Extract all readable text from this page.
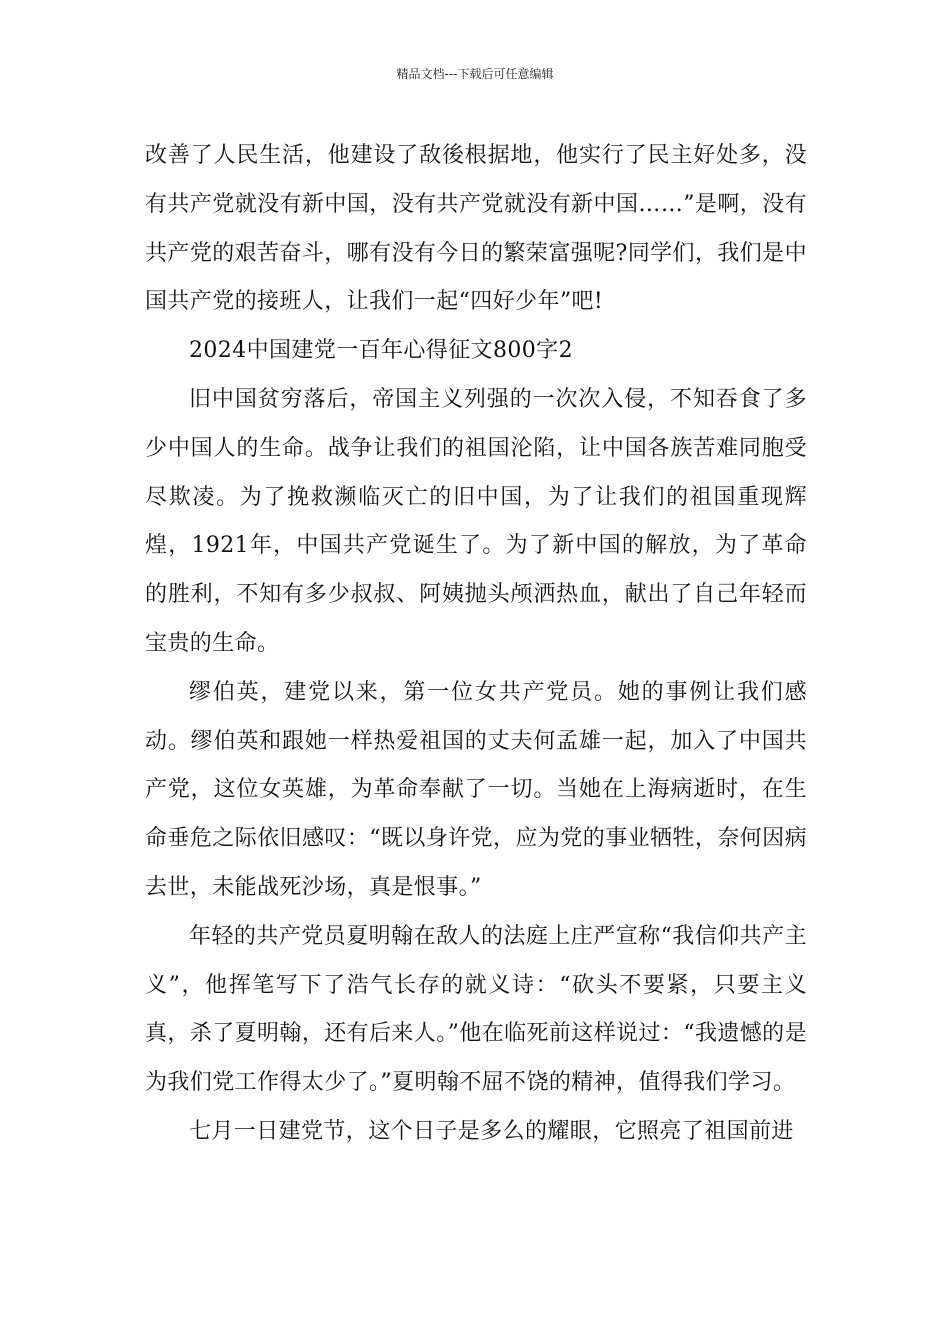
精品文档---下载后可任意编辑

改善了人民生活，他建设了敌後根据地，他实行了民主好处多，没有共产党就没有新中国，没有共产党就没有新中国……”是啊，没有共产党的艰苦奋斗，哪有没有今日的繁荣富强呢?同学们，我们是中国共产党的接班人，让我们一起“四好少年”吧!

2024中国建党一百年心得征文800字2

旧中国贫穷落后，帝国主义列强的一次次入侵，不知吞食了多少中国人的生命。战争让我们的祖国沦陷，让中国各族苦难同胞受尽欺凌。为了挽救濒临灭亡的旧中国，为了让我们的祖国重现辉煌，1921年，中国共产党诞生了。为了新中国的解放，为了革命的胜利，不知有多少叔叔、阿姨抛头颅洒热血，献出了自己年轻而宝贵的生命。

缪伯英，建党以来，第一位女共产党员。她的事例让我们感动。缪伯英和跟她一样热爱祖国的丈夫何孟雄一起，加入了中国共产党，这位女英雄，为革命奉献了一切。当她在上海病逝时，在生命垂危之际依旧感叹：“既以身许党，应为党的事业牺牲，奈何因病去世，未能战死沙场，真是恨事。”

年轻的共产党员夏明翰在敌人的法庭上庄严宣称“我信仰共产主义”，他挥笔写下了浩气长存的就义诗：“砍头不要紧，只要主义真，杀了夏明翰，还有后来人。”他在临死前这样说过：“我遗憾的是为我们党工作得太少了。”夏明翰不屈不饶的精神，值得我们学习。

七月一日建党节，这个日子是多么的耀眼，它照亮了祖国前进
